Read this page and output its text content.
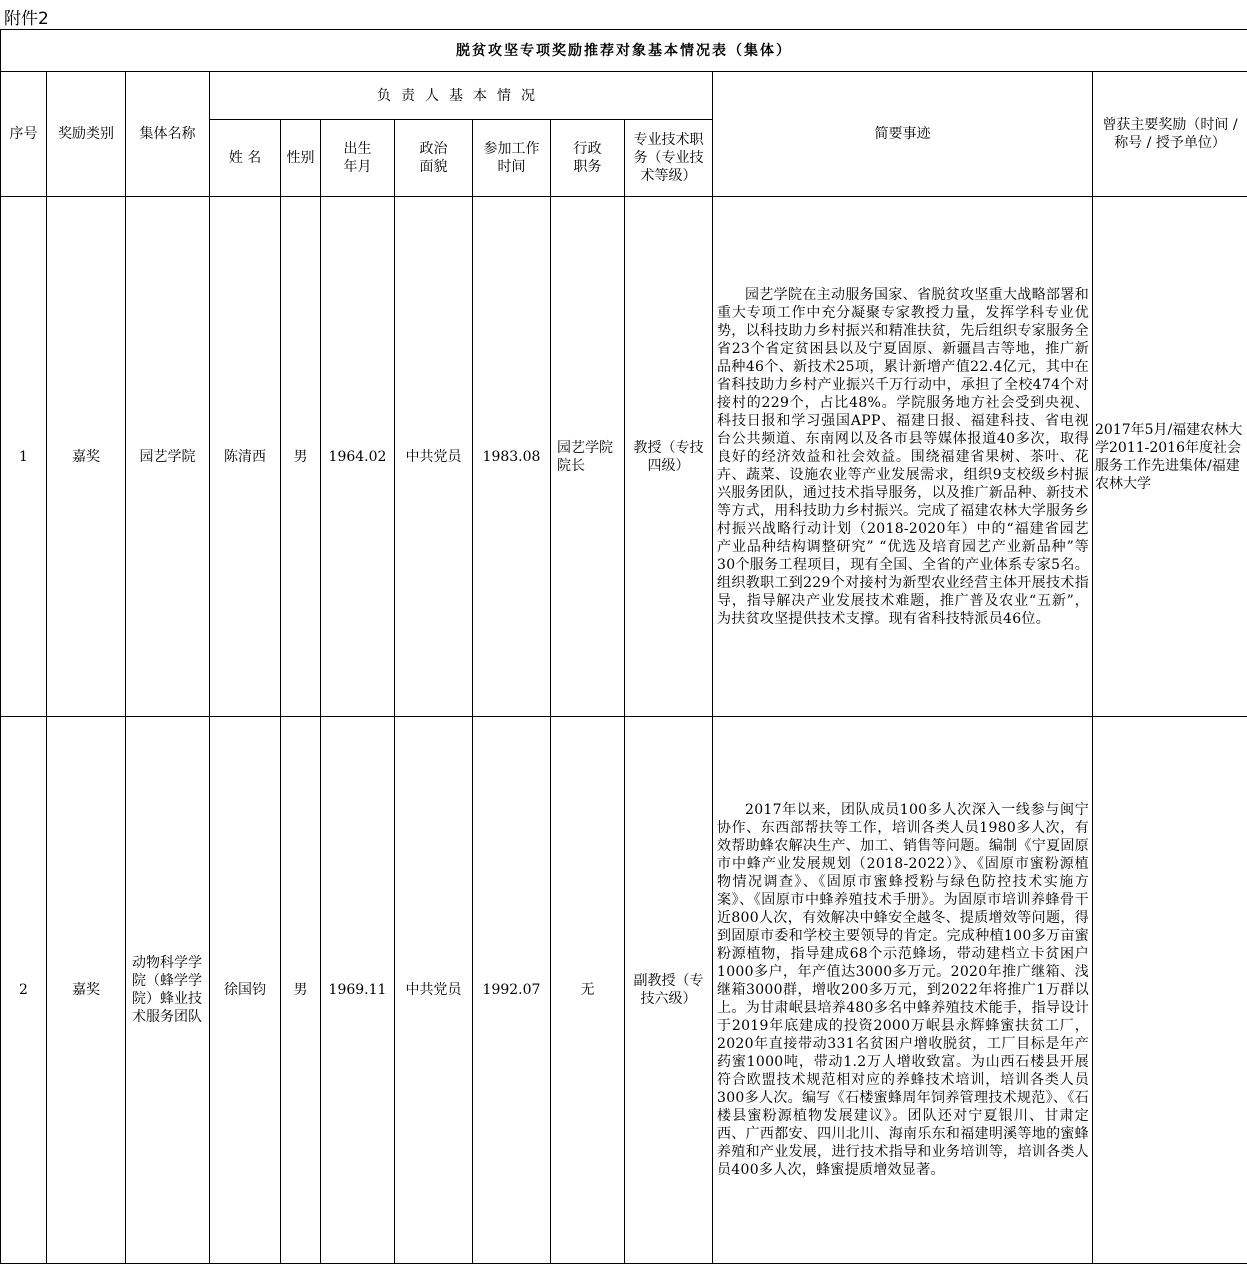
附件2
脱贫攻坚专项奖励推荐对象基本情况表（集体）											
序号	奖励类别	集体名称	负责人基本情况							简要事迹	曾获主要奖励（时间 / 称号 / 授予单位）
			姓 名	性别	出生年月	政治面貌	参加工作时间	行政职务	专业技术职务（专业技术等级）		
1	嘉奖	园艺学院	陈清西	男	1964.02	中共党员	1983.08	园艺学院院长	教授（专技四级）	园艺学院在主动服务国家、省脱贫攻坚重大战略部署和重大专项工作中充分凝聚专家教授力量，发挥学科专业优势，以科技助力乡村振兴和精准扶贫，先后组织专家服务全省23个省定贫困县以及宁夏固原、新疆昌吉等地，推广新品种46个、新技术25项，累计新增产值22.4亿元，其中在省科技助力乡村产业振兴千万行动中，承担了全校474个对接村的229个，占比48%。学院服务地方社会受到央视、科技日报和学习强国APP、福建日报、福建科技、省电视台公共频道、东南网以及各市县等媒体报道40多次，取得良好的经济效益和社会效益。围绕福建省果树、茶叶、花卉、蔬菜、设施农业等产业发展需求，组织9支校级乡村振兴服务团队，通过技术指导服务，以及推广新品种、新技术等方式，用科技助力乡村振兴。完成了福建农林大学服务乡村振兴战略行动计划（2018-2020年）中的“福建省园艺产业品种结构调整研究” “优选及培育园艺产业新品种”等30个服务工程项目，现有全国、全省的产业体系专家5名。组织教职工到229个对接村为新型农业经营主体开展技术指导，指导解决产业发展技术难题，推广普及农业“五新”，为扶贫攻坚提供技术支撑。现有省科技特派员46位。	2017年5月/福建农林大学2011-2016年度社会服务工作先进集体/福建农林大学
2	嘉奖	动物科学学院（蜂学学院）蜂业技术服务团队	徐国钧	男	1969.11	中共党员	1992.07	无	副教授（专技六级）	2017年以来，团队成员100多人次深入一线参与闽宁协作、东西部帮扶等工作，培训各类人员1980多人次，有效帮助蜂农解决生产、加工、销售等问题。编制《宁夏固原市中蜂产业发展规划（2018-2022）》、《固原市蜜粉源植物情况调查》、《固原市蜜蜂授粉与绿色防控技术实施方案》、《固原市中蜂养殖技术手册》。为固原市培训养蜂骨干近800人次，有效解决中蜂安全越冬、提质增效等问题，得到固原市委和学校主要领导的肯定。完成种植100多万亩蜜粉源植物，指导建成68个示范蜂场，带动建档立卡贫困户1000多户，年产值达3000多万元。2020年推广继箱、浅继箱3000群，增收200多万元，到2022年将推广1万群以上。为甘肃岷县培养480多名中蜂养殖技术能手，指导设计于2019年底建成的投资2000万岷县永辉蜂蜜扶贫工厂，2020年直接带动331名贫困户增收脱贫，工厂目标是年产药蜜1000吨，带动1.2万人增收致富。为山西石楼县开展符合欧盟技术规范相对应的养蜂技术培训，培训各类人员300多人次。编写《石楼蜜蜂周年饲养管理技术规范》、《石楼县蜜粉源植物发展建议》。团队还对宁夏银川、甘肃定西、广西都安、四川北川、海南乐东和福建明溪等地的蜜蜂养殖和产业发展，进行技术指导和业务培训等，培训各类人员400多人次，蜂蜜提质增效显著。	
